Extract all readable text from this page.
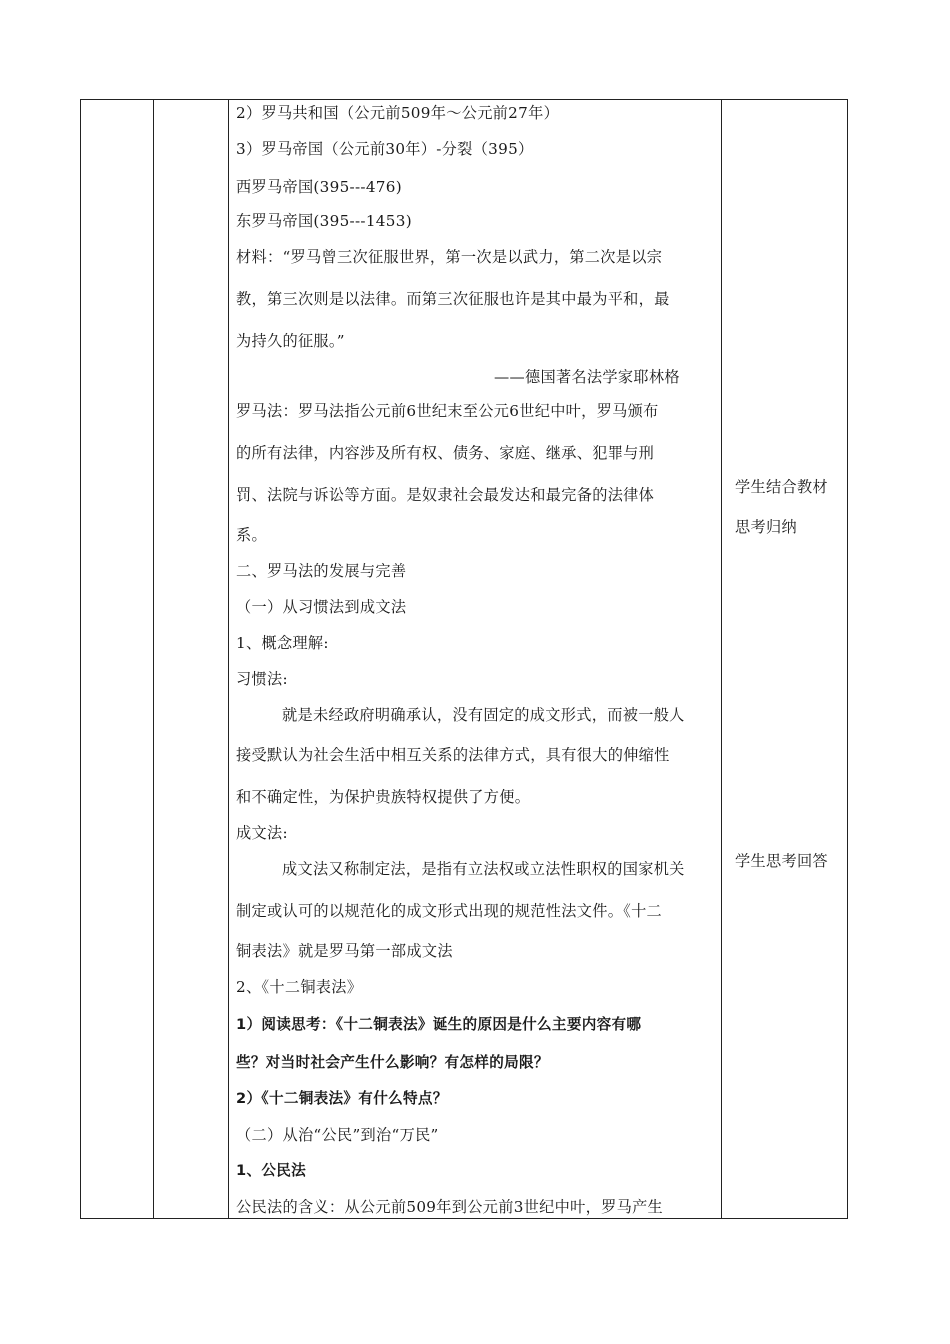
2）罗马共和国（公元前509年～公元前27年）
3）罗马帝国（公元前30年）-分裂（395）
西罗马帝国(395---476)
东罗马帝国(395---1453)
材料：“罗马曾三次征服世界，第一次是以武力，第二次是以宗
教，第三次则是以法律。而第三次征服也许是其中最为平和，最
为持久的征服。”
——德国著名法学家耶林格
罗马法：罗马法指公元前6世纪末至公元6世纪中叶，罗马颁布
的所有法律，内容涉及所有权、债务、家庭、继承、犯罪与刑
罚、法院与诉讼等方面。是奴隶社会最发达和最完备的法律体
系。
二、罗马法的发展与完善
（一）从习惯法到成文法
1、概念理解:
习惯法:
就是未经政府明确承认，没有固定的成文形式，而被一般人
接受默认为社会生活中相互关系的法律方式，具有很大的伸缩性
和不确定性，为保护贵族特权提供了方便。
成文法:
成文法又称制定法，是指有立法权或立法性职权的国家机关
制定或认可的以规范化的成文形式出现的规范性法文件。《十二
铜表法》就是罗马第一部成文法
2、《十二铜表法》
1）阅读思考：《十二铜表法》诞生的原因是什么主要内容有哪
些？对当时社会产生什么影响？有怎样的局限？
2）《十二铜表法》有什么特点？
（二）从治“公民”到治“万民”
1、公民法
公民法的含义：从公元前509年到公元前3世纪中叶，罗马产生
学生结合教材
思考归纳
学生思考回答
